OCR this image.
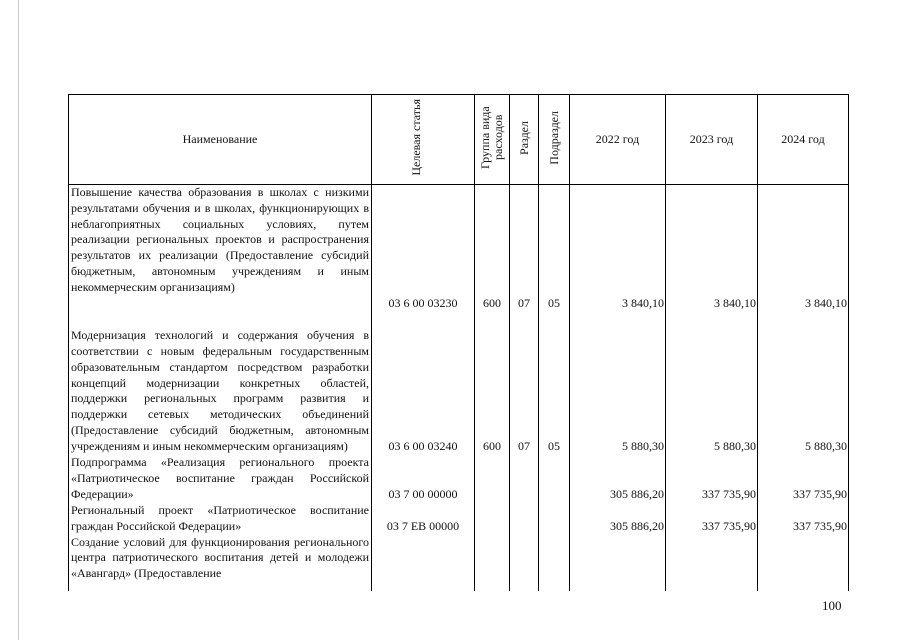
Наименование	Целевая статья	Группа вида расходов	Раздел	Подраздел	2022 год	2023 год	2024 год
Повышение качества образования в школах с низкими результатами обучения и в школах, функционирующих в неблагоприятных социальных условиях, путем реализации региональных проектов и распространения результатов их реализации (Предоставление субсидий бюджетным, автономным учреждениям и иным некоммерческим организациям)	03 6 00 03230	600	07	05	3 840,10	3 840,10	3 840,10
Модернизация технологий и содержания обучения в соответствии с новым федеральным государственным образовательным стандартом посредством разработки концепций модернизации конкретных областей, поддержки региональных программ развития и поддержки сетевых методических объединений (Предоставление субсидий бюджетным, автономным учреждениям и иным некоммерческим организациям)	03 6 00 03240	600	07	05	5 880,30	5 880,30	5 880,30
Подпрограмма «Реализация регионального проекта «Патриотическое воспитание граждан Российской Федерации»	03 7 00 00000				305 886,20	337 735,90	337 735,90
Региональный проект «Патриотическое воспитание граждан Российской Федерации»	03 7 EB 00000				305 886,20	337 735,90	337 735,90
Создание условий для функционирования регионального центра патриотического воспитания детей и молодежи «Авангард» (Предоставление							
100
